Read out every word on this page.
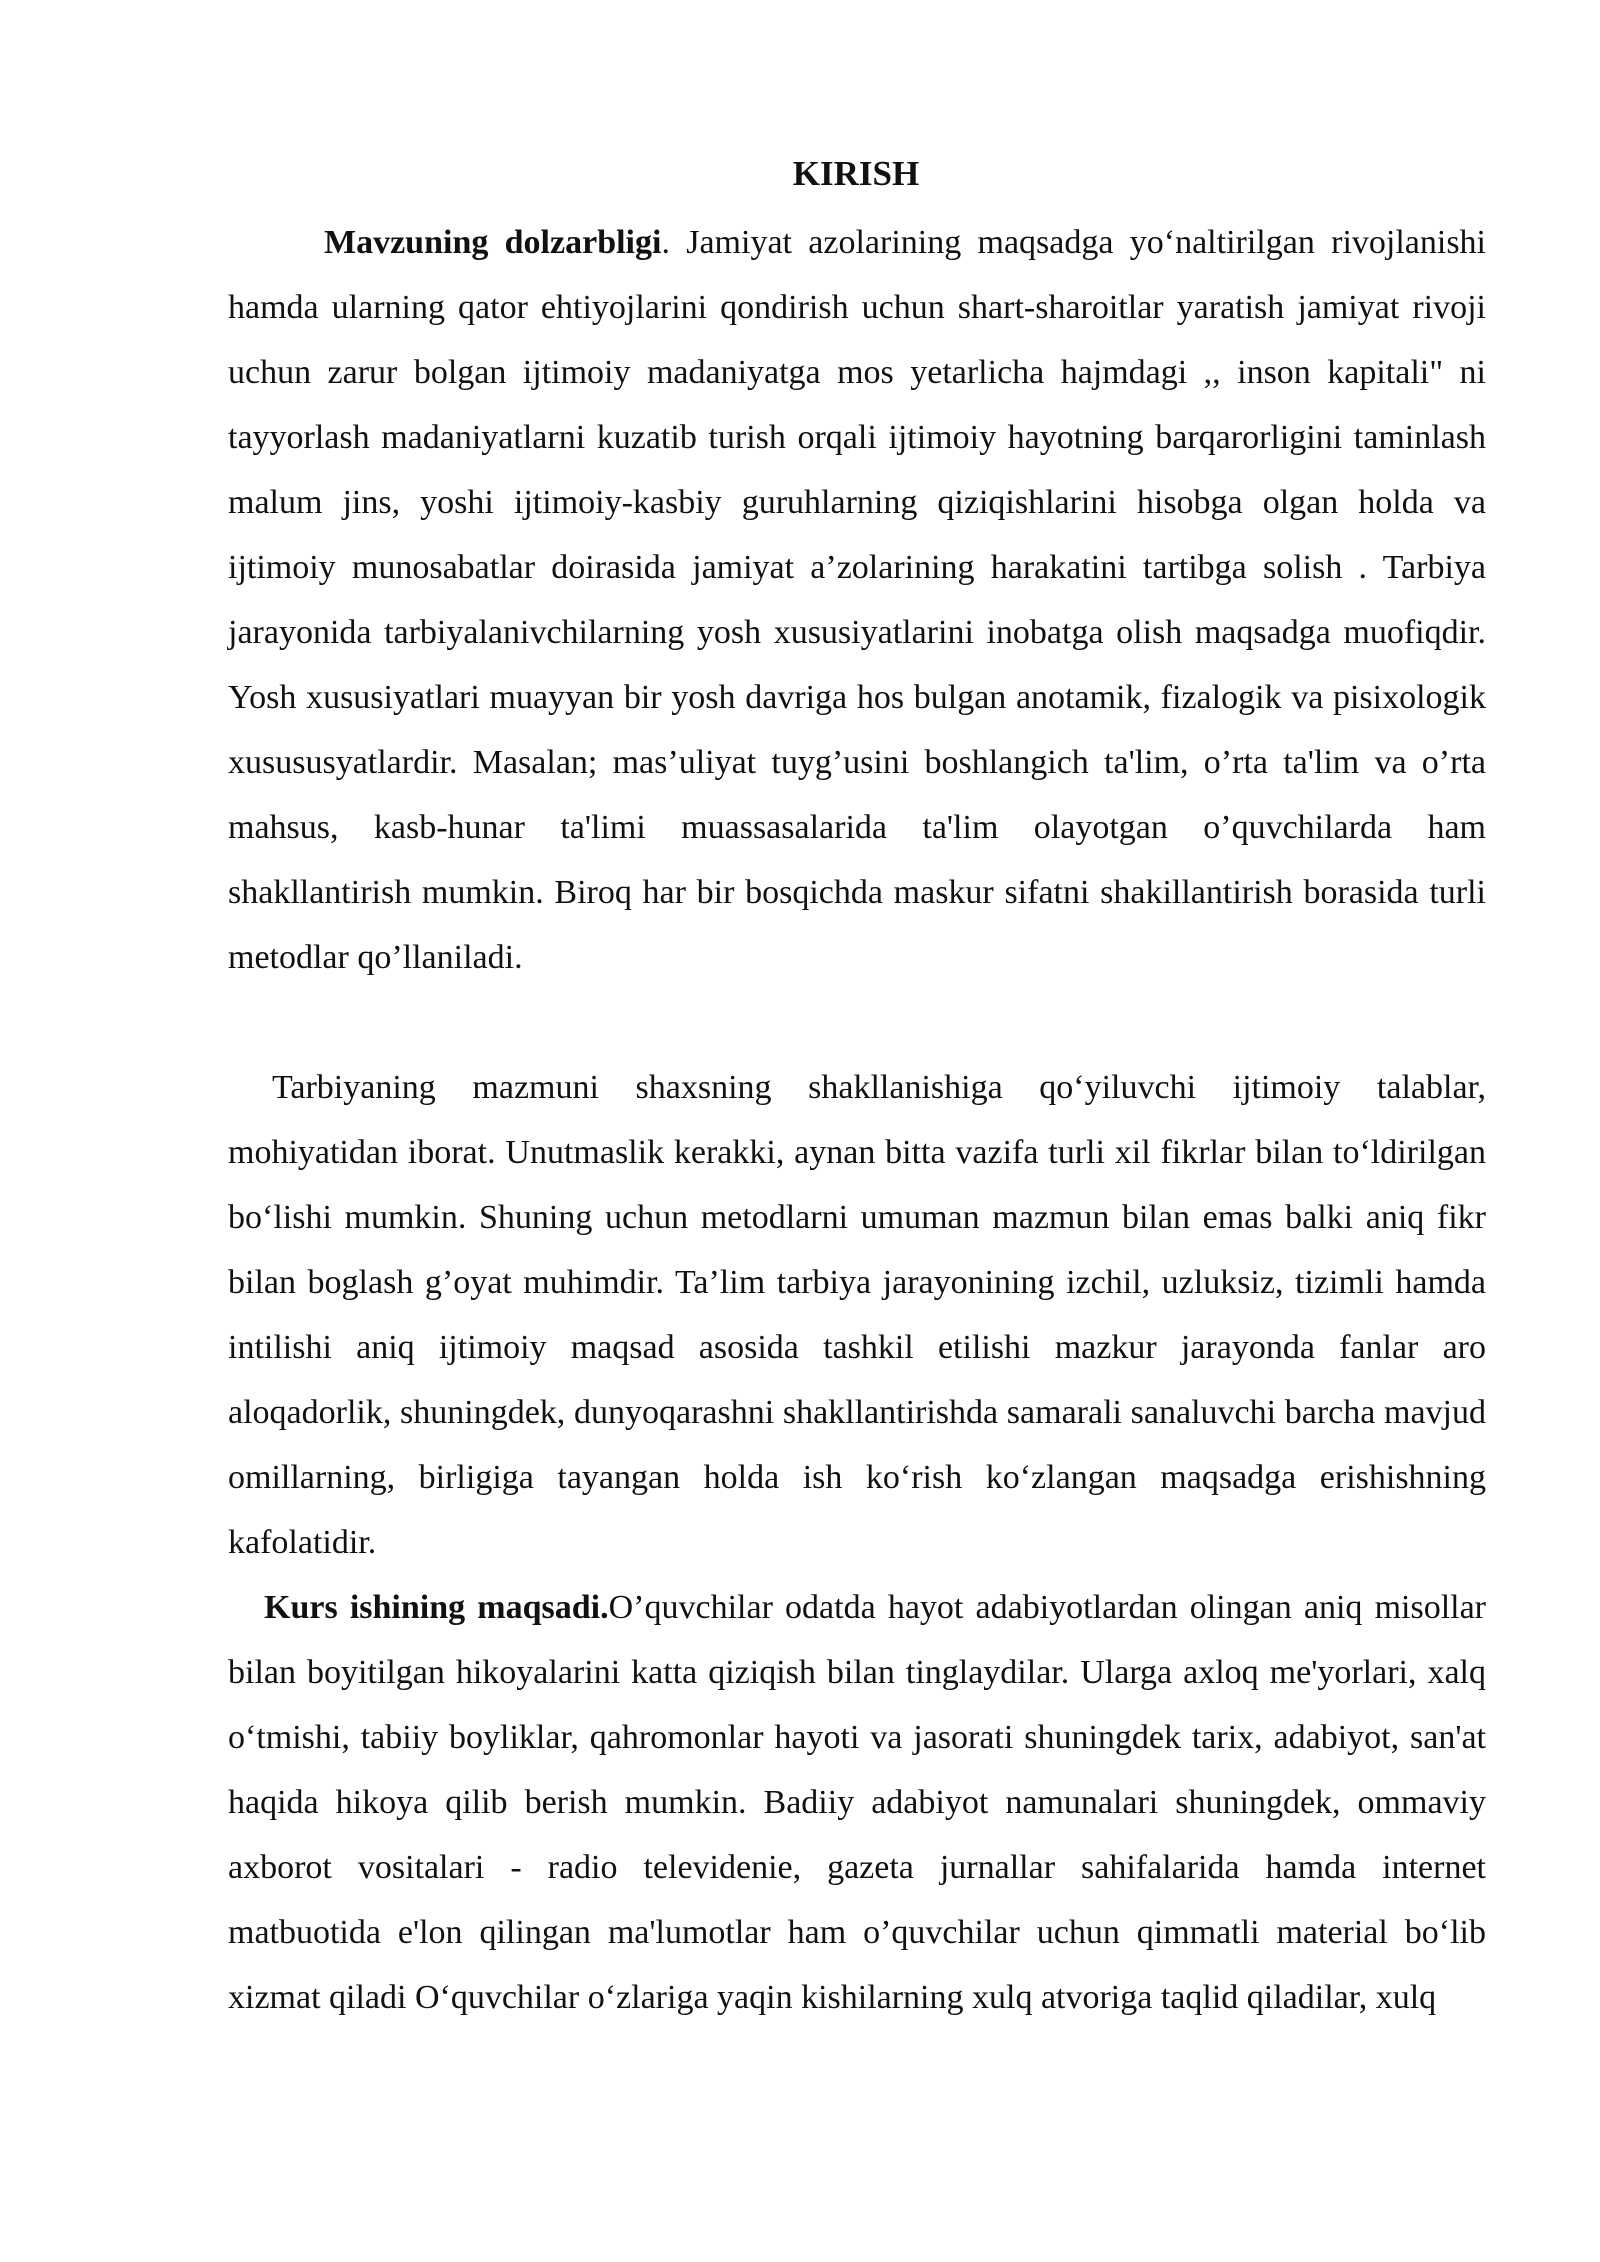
KIRISH

Mavzuning dolzarbligi. Jamiyat azolarining maqsadga yo‘naltirilgan rivojlanishi hamda ularning qator ehtiyojlarini qondirish uchun shart-sharoitlar yaratish jamiyat rivoji uchun zarur bolgan ijtimoiy madaniyatga mos yetarlicha hajmdagi ,, inson kapitali" ni tayyorlash madaniyatlarni kuzatib turish orqali ijtimoiy hayotning barqarorligini taminlash malum jins, yoshi ijtimoiy-kasbiy guruhlarning qiziqishlarini hisobga olgan holda va ijtimoiy munosabatlar doirasida jamiyat a’zolarining harakatini tartibga solish . Tarbiya jarayonida tarbiyalanivchilarning yosh xususiyatlarini inobatga olish maqsadga muofiqdir. Yosh xususiyatlari muayyan bir yosh davriga hos bulgan anotamik, fizalogik va pisixologik xusususyatlardir. Masalan; mas’uliyat tuyg’usini boshlangich ta'lim, o’rta ta'lim va o’rta mahsus, kasb-hunar ta'limi muassasalarida ta'lim olayotgan o’quvchilarda ham shakllantirish mumkin. Biroq har bir bosqichda maskur sifatni shakillantirish borasida turli metodlar qo’llaniladi.

Tarbiyaning mazmuni shaxsning shakllanishiga qo‘yiluvchi ijtimoiy talablar, mohiyatidan iborat. Unutmaslik kerakki, aynan bitta vazifa turli xil fikrlar bilan to‘ldirilgan bo‘lishi mumkin. Shuning uchun metodlarni umuman mazmun bilan emas balki aniq fikr bilan boglash g’oyat muhimdir. Ta’lim tarbiya jarayonining izchil, uzluksiz, tizimli hamda intilishi aniq ijtimoiy maqsad asosida tashkil etilishi mazkur jarayonda fanlar aro aloqadorlik, shuningdek, dunyoqarashni shakllantirishda samarali sanaluvchi barcha mavjud omillarning, birligiga tayangan holda ish ko‘rish ko‘zlangan maqsadga erishishning kafolatidir.

Kurs ishining maqsadi.O’quvchilar odatda hayot adabiyotlardan olingan aniq misollar bilan boyitilgan hikoyalarini katta qiziqish bilan tinglaydilar. Ularga axloq me'yorlari, xalq o‘tmishi, tabiiy boyliklar, qahromonlar hayoti va jasorati shuningdek tarix, adabiyot, san'at haqida hikoya qilib berish mumkin. Badiiy adabiyot namunalari shuningdek, ommaviy axborot vositalari - radio televidenie, gazeta jurnallar sahifalarida hamda internet matbuotida e'lon qilingan ma'lumotlar ham o’quvchilar uchun qimmatli material bo‘lib xizmat qiladi O‘quvchilar o‘zlariga yaqin kishilarning xulq atvoriga taqlid qiladilar, xulq
